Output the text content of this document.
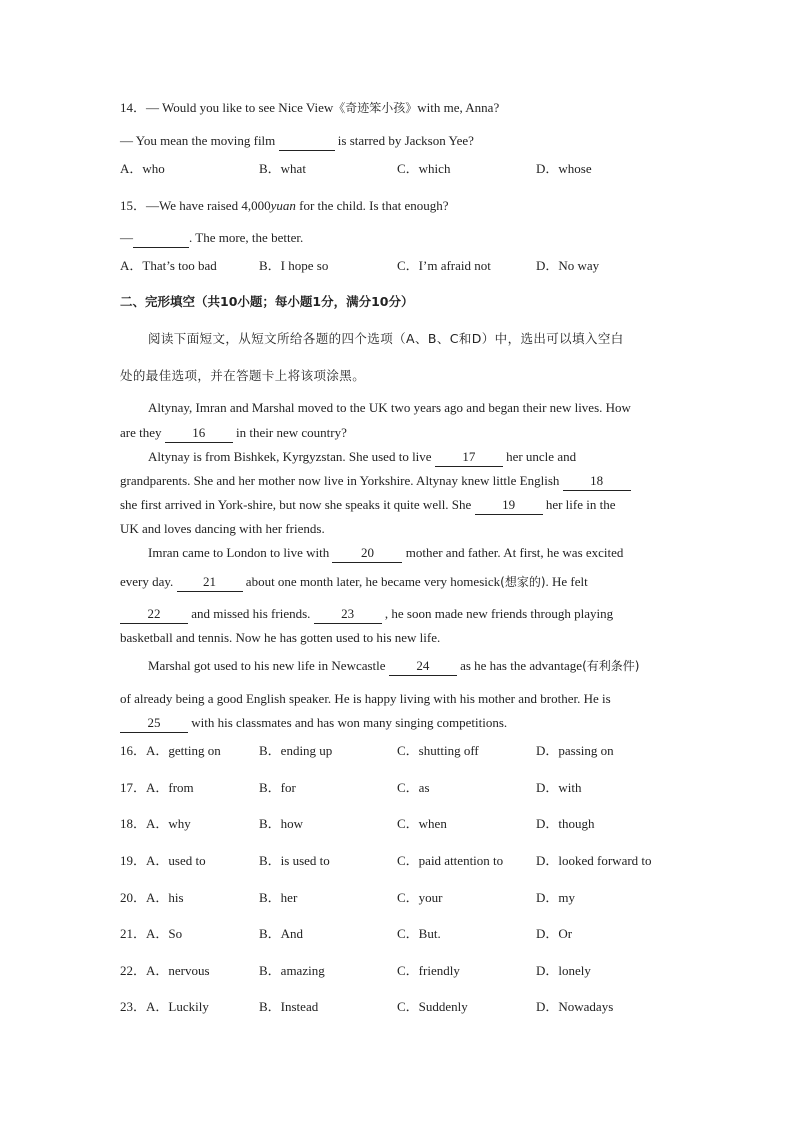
14．— Would you like to see Nice View《奇迹笨小孩》with me, Anna?
— You mean the moving film	is starred by Jackson Yee?
A．who	B．what	C．which	D．whose
15．—We have raised 4,000yuan for the child. Is that enough?
—	. The more, the better.
A．That’s too bad	B．I hope so	C．I’m afraid not	D．No way
二、完形填空（共10小题；每小题1分，满分10分）
阅读下面短文，从短文所给各题的四个选项（A、B、C和D）中，选出可以填入空白
处的最佳选项，并在答题卡上将该项涂黑。
Altynay, Imran and Marshal moved to the UK two years ago and began their new lives. How
are they 16 in their new country?
Altynay is from Bishkek, Kyrgyzstan. She used to live 17 her uncle and
grandparents. She and her mother now live in Yorkshire. Altynay knew little English 18
she first arrived in York-shire, but now she speaks it quite well. She 19 her life in the
UK and loves dancing with her friends.
Imran came to London to live with 20 mother and father. At first, he was excited
every day. 21 about one month later, he became very homesick(想家的). He felt
22 and missed his friends. 23 , he soon made new friends through playing
basketball and tennis. Now he has gotten used to his new life.
Marshal got used to his new life in Newcastle 24 as he has the advantage(有利条件)
of already being a good English speaker. He is happy living with his mother and brother. He is
25 with his classmates and has won many singing competitions.
16．A．getting on	B．ending up	C．shutting off	D．passing on
17．A．from	B．for	C．as	D．with
18．A．why	B．how	C．when	D．though
19．A．used to	B．is used to	C．paid attention to	D．looked forward to
20．A．his	B．her	C．your	D．my
21．A．So	B．And	C．But.	D．Or
22．A．nervous	B．amazing	C．friendly	D．lonely
23．A．Luckily	B．Instead	C．Suddenly	D．Nowadays
